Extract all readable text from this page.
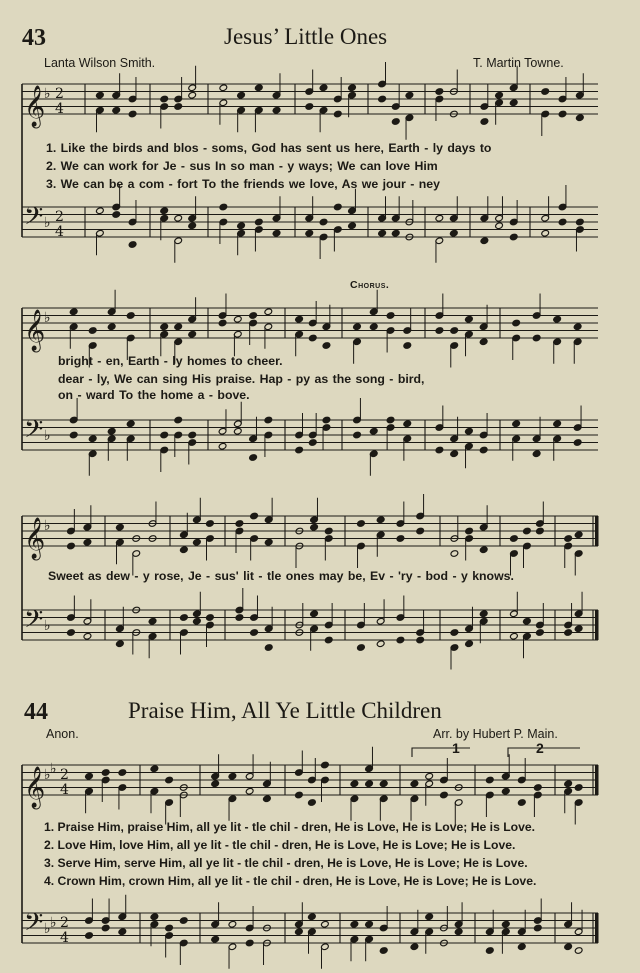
43	Jesus’ Little Ones
Lanta Wilson Smith.	T. Martin Towne.
1. Like the birds and blos - soms, God has sent us here, Earth - ly days to
2. We can work for Je - sus In so man - y ways; We can love Him
3. We can be a com - fort To the friends we love, As we jour - ney
Chorus.
bright - en, Earth - ly homes to cheer.
dear - ly, We can sing His praise. Hap - py as the song - bird,
on - ward To the home a - bove.
Sweet as dew - y rose, Je - sus' lit - tle ones may be, Ev - 'ry - bod - y knows.
44	Praise Him, All Ye Little Children
Anon.	Arr. by Hubert P. Main.
1	2
1. Praise Him, praise Him, all ye lit - tle chil - dren, He is Love, He is Love; He is Love.
2. Love Him, love Him, all ye lit - tle chil - dren, He is Love, He is Love; He is Love.
3. Serve Him, serve Him, all ye lit - tle chil - dren, He is Love, He is Love; He is Love.
4. Crown Him, crown Him, all ye lit - tle chil - dren, He is Love, He is Love; He is Love.
𝄞
♭ 2
4
𝄢 ♭ 2
4
𝄞
♭
𝄢 ♭
𝄞
♭
𝄢 ♭
𝄞
♭ ♭ 2
4
𝄢 ♭ ♭ 2
4
